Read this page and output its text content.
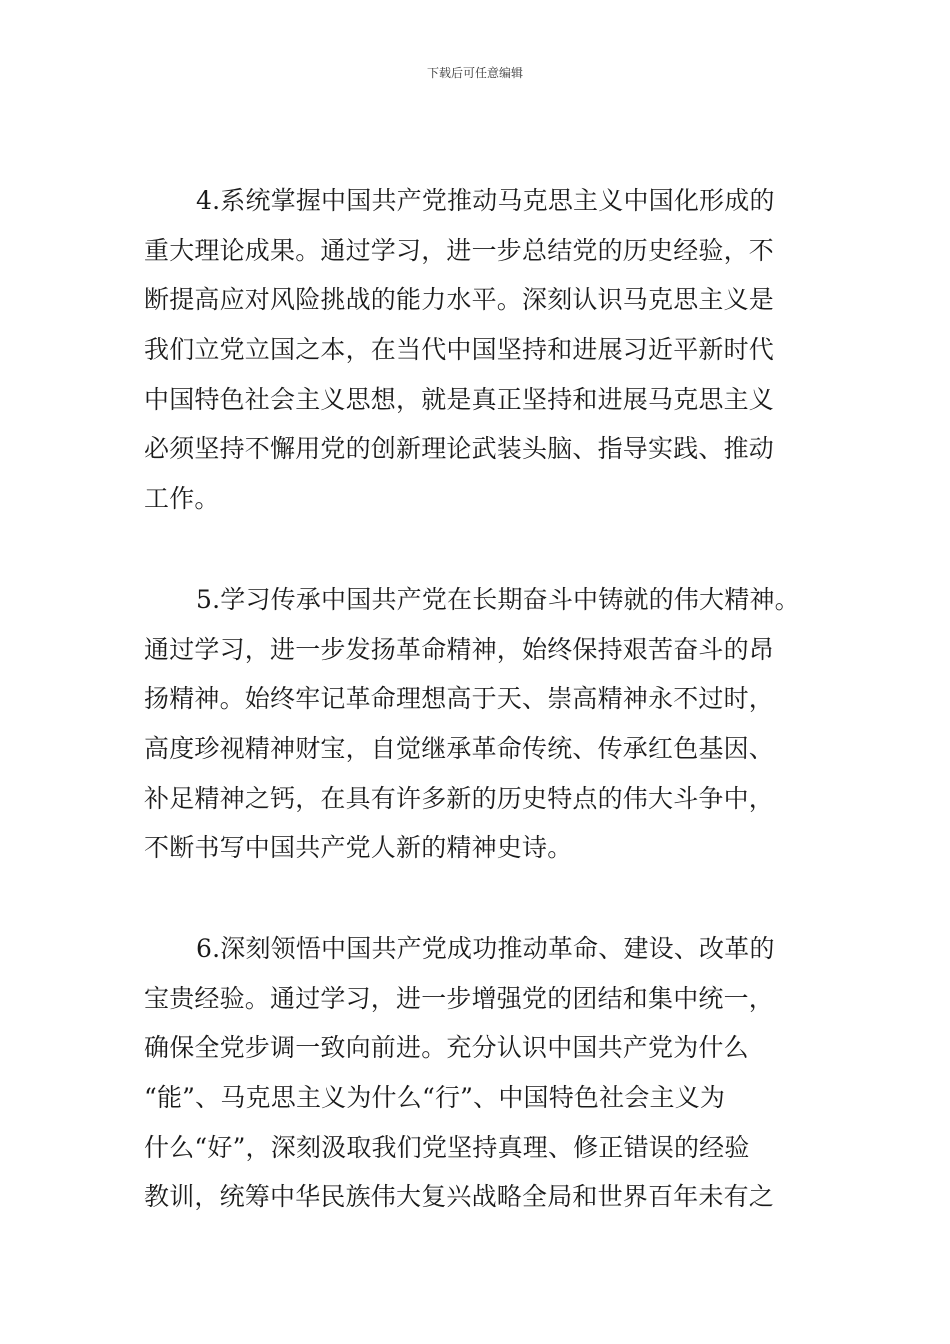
下载后可任意编辑
4.系统掌握中国共产党推动马克思主义中国化形成的
重大理论成果。通过学习，进一步总结党的历史经验，不
断提高应对风险挑战的能力水平。深刻认识马克思主义是
我们立党立国之本，在当代中国坚持和进展习近平新时代
中国特色社会主义思想，就是真正坚持和进展马克思主义
必须坚持不懈用党的创新理论武装头脑、指导实践、推动
工作。
5.学习传承中国共产党在长期奋斗中铸就的伟大精神。
通过学习，进一步发扬革命精神，始终保持艰苦奋斗的昂
扬精神。始终牢记革命理想高于天、崇高精神永不过时，
高度珍视精神财宝，自觉继承革命传统、传承红色基因、
补足精神之钙，在具有许多新的历史特点的伟大斗争中，
不断书写中国共产党人新的精神史诗。
6.深刻领悟中国共产党成功推动革命、建设、改革的
宝贵经验。通过学习，进一步增强党的团结和集中统一，
确保全党步调一致向前进。充分认识中国共产党为什么
“能”、马克思主义为什么“行”、中国特色社会主义为
什么“好”，深刻汲取我们党坚持真理、修正错误的经验
教训，统筹中华民族伟大复兴战略全局和世界百年未有之
